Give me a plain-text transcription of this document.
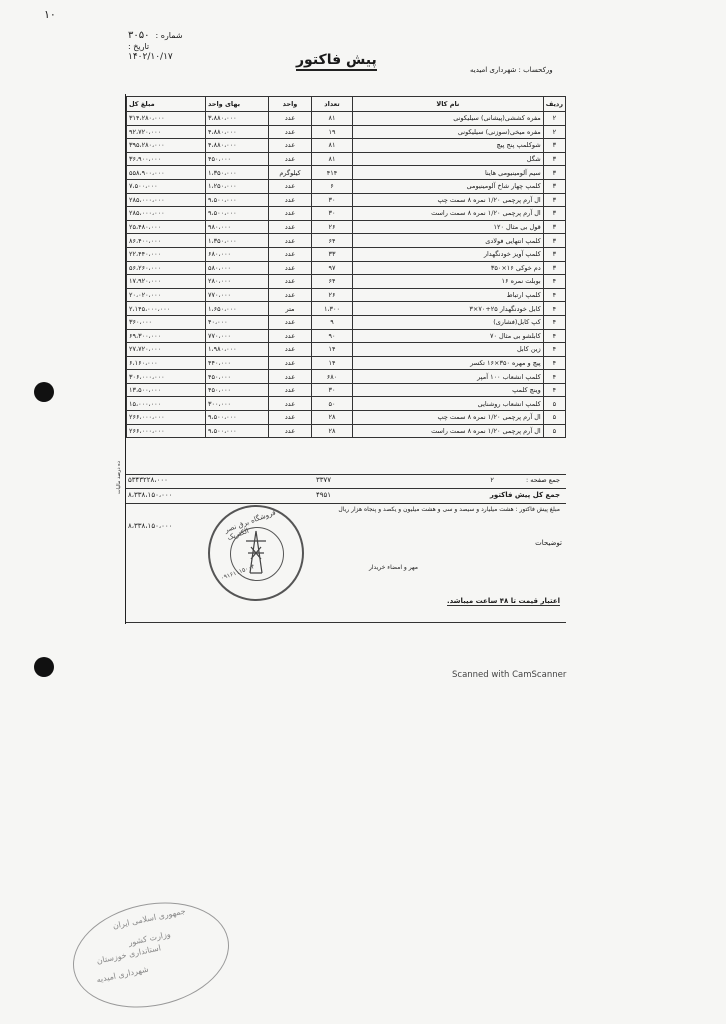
۱۰
شماره :
۳۰۵۰
تاریخ :
۱۴۰۲/۱۰/۱۷	پیش فاکتور
ورکحساب : شهرداری امیدیه
مبلغ کل	بهای واحد	واحد	تعداد	نام کالا	ردیف
۳۱۴،۲۸۰،۰۰۰	۳،۸۸۰،۰۰۰	عدد	۸۱	مفره کششی(پیشانی) سیلیکونی	۲
۹۲،۷۲۰،۰۰۰	۴،۸۸۰،۰۰۰	عدد	۱۹	مفره میخی(سوزنی) سیلیکونی	۲
۳۹۵،۲۸۰،۰۰۰	۴،۸۸۰،۰۰۰	عدد	۸۱	شوکلمپ پنج پیچ	۳
۳۶،۹۰۰،۰۰۰	۴۵۰،۰۰۰	عدد	۸۱	شگل	۳
۵۵۸،۹۰۰،۰۰۰	۱،۳۵۰،۰۰۰	کیلوگرم	۴۱۴	سیم آلومینیومی هاینا	۳
۷،۵۰۰،۰۰۰	۱،۲۵۰،۰۰۰	عدد	۶	کلمپ چهار شاخ آلومینیومی	۳
۲۸۵،۰۰۰،۰۰۰	۹،۵۰۰،۰۰۰	عدد	۳۰	ال آرم پرچمی ۱/۲۰ نمره ۸ سمت چپ	۳
۲۸۵،۰۰۰،۰۰۰	۹،۵۰۰،۰۰۰	عدد	۳۰	ال آرم پرچمی ۱/۲۰ نمره ۸ سمت راست	۳
۲۵،۴۸۰،۰۰۰	۹۸۰،۰۰۰	عدد	۲۶	قول بی مثال ۱۲۰	۳
۸۶،۴۰۰،۰۰۰	۱،۳۵۰،۰۰۰	عدد	۶۴	کلمپ انتهایی فولادی	۳
۲۲،۴۴۰،۰۰۰	۶۸۰،۰۰۰	عدد	۳۳	کلمپ آویز خودنگهدار	۳
۵۶،۲۶۰،۰۰۰	۵۸۰،۰۰۰	عدد	۹۷	دم خوکی ۱۶×۳۵۰	۳
۱۷،۹۲۰،۰۰۰	۲۸۰،۰۰۰	عدد	۶۴	بوبلت نمره ۱۶	۴
۲۰،۰۲۰،۰۰۰	۷۷۰،۰۰۰	عدد	۲۶	کلمپ ارتباط	۴
۲،۱۴۵،۰۰۰،۰۰۰	۱،۶۵۰،۰۰۰	متر	۱،۳۰۰	کابل خودنگهدار ۲۵+۷۰×۳	۴
۳۶۰،۰۰۰	۴۰،۰۰۰	عدد	۹	کپ کابل(فشاری)	۴
۶۹،۳۰۰،۰۰۰	۷۷۰،۰۰۰	عدد	۹۰	کابلشو بی مثال ۷۰	۴
۲۷،۷۲۰،۰۰۰	۱،۹۸۰،۰۰۰	عدد	۱۴	زین کابل	۴
۶،۱۶۰،۰۰۰	۴۴۰،۰۰۰	عدد	۱۴	پیچ و مهره ۳۵۰×۱۶ تکسر	۴
۳۰۶،۰۰۰،۰۰۰	۴۵۰،۰۰۰	عدد	۶۸۰	کلمپ انشعاب ۱۰۰ آمپر	۴
۱۳،۵۰۰،۰۰۰	۴۵۰،۰۰۰	عدد	۳۰	وینچ کلمپ	۴
۱۵،۰۰۰،۰۰۰	۳۰۰،۰۰۰	عدد	۵۰	کلمپ انشعاب روشنایی	۵
۲۶۶،۰۰۰،۰۰۰	۹،۵۰۰،۰۰۰	عدد	۲۸	ال آرم پرچمی ۱/۲۰ نمره ۸ سمت چپ	۵
۲۶۶،۰۰۰،۰۰۰	۹،۵۰۰،۰۰۰	عدد	۲۸	ال آرم پرچمی ۱/۲۰ نمره ۸ سمت راست	۵
۵۳۴۳۲۲۸،۰۰۰	۳۳۷۷	جمع صفحه : ۲
۸،۳۳۸،۱۵۰،۰۰۰	۴۹۵۱	جمع کل پیش فاکتور
مبلغ پیش فاکتور : هشت میلیارد و سیصد و سی و هشت میلیون و یکصد و پنجاه هزار ریال
۸،۳۳۸،۱۵۰،۰۰۰
ده درصد مالیات
توضیحات
مهر و امضاء خریدار
اعتبار قیمت تا ۴۸ ساعت میباشد.
فروشگاه برق نصر الکتریک
۰۹۱۶۱۱۱۵۰۰۴
Scanned with CamScanner
جمهوری اسلامی ایران
وزارت کشور
استانداری خوزستان
شهرداری امیدیه
